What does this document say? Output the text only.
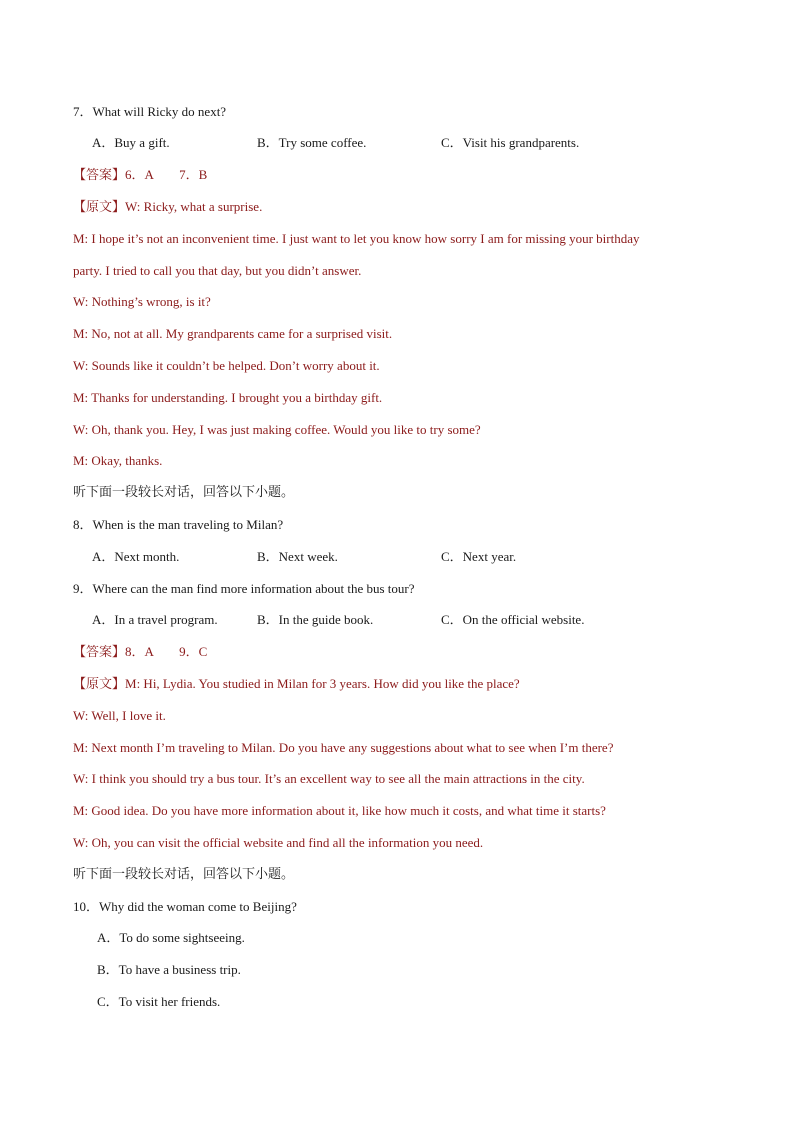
7．What will Ricky do next?
A．Buy a gift.	B．Try some coffee.	C．Visit his grandparents.
【答案】6．A        7．B
【原文】W: Ricky, what a surprise.
M: I hope it’s not an inconvenient time. I just want to let you know how sorry I am for missing your birthday
party. I tried to call you that day, but you didn’t answer.
W: Nothing’s wrong, is it?
M: No, not at all. My grandparents came for a surprised visit.
W: Sounds like it couldn’t be helped. Don’t worry about it.
M: Thanks for understanding. I brought you a birthday gift.
W: Oh, thank you. Hey, I was just making coffee. Would you like to try some?
M: Okay, thanks.
听下面一段较长对话，回答以下小题。
8．When is the man traveling to Milan?
A．Next month.	B．Next week.	C．Next year.
9．Where can the man find more information about the bus tour?
A．In a travel program.	B．In the guide book.	C．On the official website.
【答案】8．A        9．C
【原文】M: Hi, Lydia. You studied in Milan for 3 years. How did you like the place?
W: Well, I love it.
M: Next month I’m traveling to Milan. Do you have any suggestions about what to see when I’m there?
W: I think you should try a bus tour. It’s an excellent way to see all the main attractions in the city.
M: Good idea. Do you have more information about it, like how much it costs, and what time it starts?
W: Oh, you can visit the official website and find all the information you need.
听下面一段较长对话，回答以下小题。
10．Why did the woman come to Beijing?
A．To do some sightseeing.
B．To have a business trip.
C．To visit her friends.
